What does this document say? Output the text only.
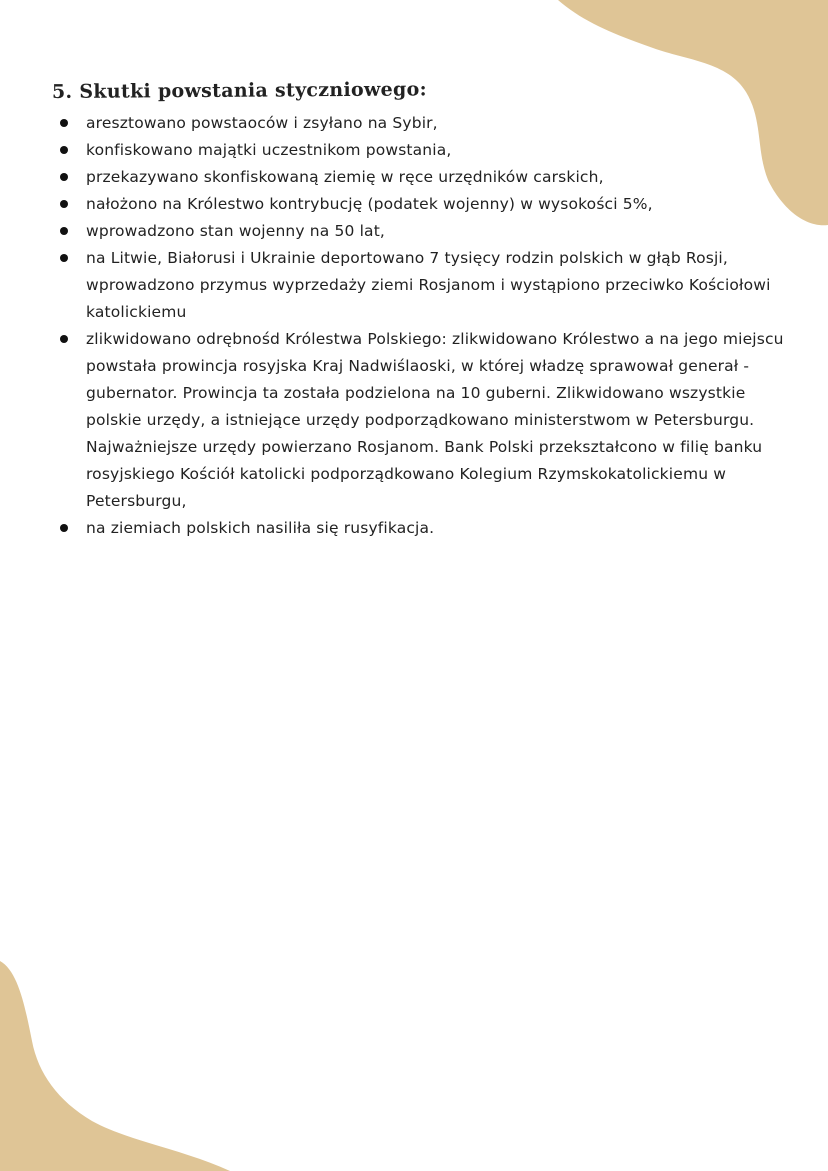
5. Skutki powstania styczniowego:
aresztowano powstaoców i zsyłano na Sybir,
konfiskowano majątki uczestnikom powstania,
przekazywano skonfiskowaną ziemię w ręce urzędników carskich,
nałożono na Królestwo kontrybucję (podatek wojenny) w wysokości 5%,
wprowadzono stan wojenny na 50 lat,
na Litwie, Białorusi i Ukrainie deportowano 7 tysięcy rodzin polskich w głąb Rosji, wprowadzono przymus wyprzedaży ziemi Rosjanom i wystąpiono przeciwko Kościołowi katolickiemu
zlikwidowano odrębnośd Królestwa Polskiego: zlikwidowano Królestwo a na jego miejscu powstała prowincja rosyjska Kraj Nadwiślaoski, w której władzę sprawował generał - gubernator. Prowincja ta została podzielona na 10 guberni. Zlikwidowano wszystkie polskie urzędy, a istniejące urzędy podporządkowano ministerstwom w Petersburgu. Najważniejsze urzędy powierzano Rosjanom. Bank Polski przekształcono w filię banku rosyjskiego Kościół katolicki podporządkowano Kolegium Rzymskokatolickiemu w Petersburgu,
na ziemiach polskich nasiliła się rusyfikacja.
